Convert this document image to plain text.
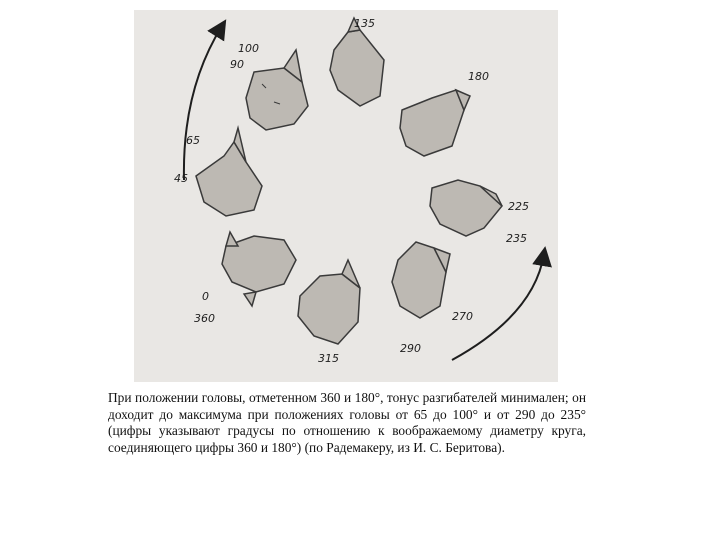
100
90
135
180
65
45
225
235
0
360	270
315
290

При положении головы, отметенном 360 и 180°, тонус разгибателей минимален; он доходит до максимума при положениях головы от 65 до 100° и от 290 до 235° (цифры указывают градусы по отношению к воображаемому диаметру круга, соединяющего цифры 360 и 180°) (по Радемакеру, из И. С. Беритова).
